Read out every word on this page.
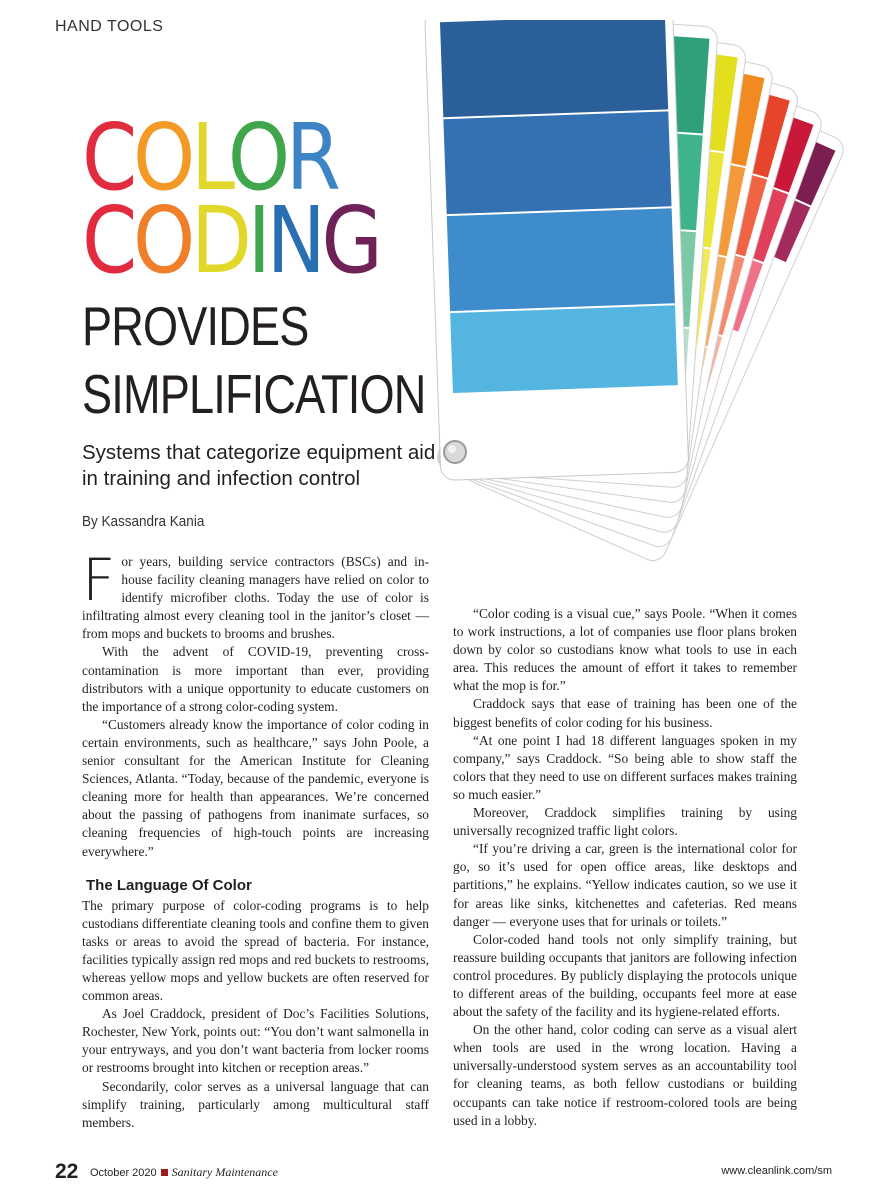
HAND TOOLS
COLOR
CODING
PROVIDES
SIMPLIFICATION
Systems that categorize equipment aid in training and infection control
By Kassandra Kania

For years, building service contractors (BSCs) and in-house facility cleaning managers have relied on color to identify microfiber cloths. Today the use of color is infiltrating almost every cleaning tool in the janitor’s closet — from mops and buckets to brooms and brushes.

With the advent of COVID-19, preventing cross-contamination is more important than ever, providing distributors with a unique opportunity to educate customers on the importance of a strong color-coding system.

“Customers already know the importance of color coding in certain environments, such as healthcare,” says John Poole, a senior consultant for the American Institute for Cleaning Sciences, Atlanta. “Today, because of the pandemic, everyone is cleaning more for health than appearances. We’re concerned about the passing of pathogens from inanimate surfaces, so cleaning frequencies of high-touch points are increasing everywhere.”

The Language Of Color

The primary purpose of color-coding programs is to help custodians differentiate cleaning tools and confine them to given tasks or areas to avoid the spread of bacteria. For instance, facilities typically assign red mops and red buckets to restrooms, whereas yellow mops and yellow buckets are often reserved for common areas.

As Joel Craddock, president of Doc’s Facilities Solutions, Rochester, New York, points out: “You don’t want salmonella in your entryways, and you don’t want bacteria from locker rooms or restrooms brought into kitchen or reception areas.”

Secondarily, color serves as a universal language that can simplify training, particularly among multicultural staff members.

“Color coding is a visual cue,” says Poole. “When it comes to work instructions, a lot of companies use floor plans broken down by color so custodians know what tools to use in each area. This reduces the amount of effort it takes to remember what the mop is for.”

Craddock says that ease of training has been one of the biggest benefits of color coding for his business.

“At one point I had 18 different languages spoken in my company,” says Craddock. “So being able to show staff the colors that they need to use on different surfaces makes training so much easier.”

Moreover, Craddock simplifies training by using universally recognized traffic light colors.

“If you’re driving a car, green is the international color for go, so it’s used for open office areas, like desktops and partitions,” he explains. “Yellow indicates caution, so we use it for areas like sinks, kitchenettes and cafeterias. Red means danger — everyone uses that for urinals or toilets.”

Color-coded hand tools not only simplify training, but reassure building occupants that janitors are following infection control procedures. By publicly displaying the protocols unique to different areas of the building, occupants feel more at ease about the safety of the facility and its hygiene-related efforts.

On the other hand, color coding can serve as a visual alert when tools are used in the wrong location. Having a universally-understood system serves as an accountability tool for cleaning teams, as both fellow custodians or building occupants can take notice if restroom-colored tools are being used in a lobby.

22 October 2020 Sanitary Maintenance	www.cleanlink.com/sm
